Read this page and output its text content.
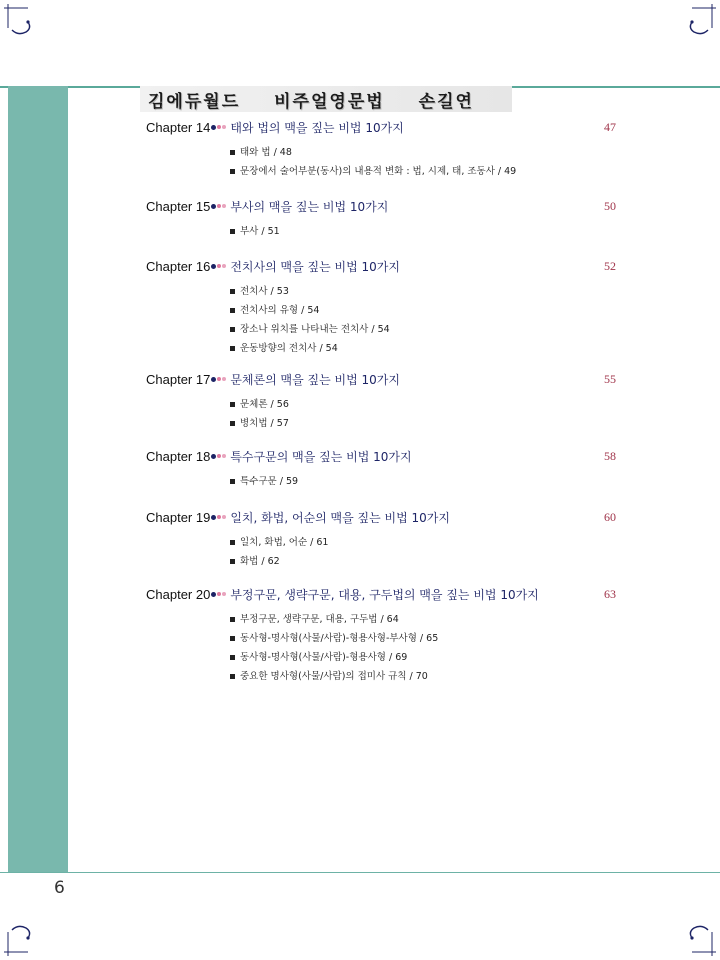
김에듀월드 비주얼영문법 손길연
Chapter 14 태와 법의 맥을 짚는 비법 10가지	47
태와 법 / 48
문장에서 술어부분(동사)의 내용적 변화 : 법, 시제, 태, 조동사 / 49
Chapter 15 부사의 맥을 짚는 비법 10가지	50
부사 / 51
Chapter 16 전치사의 맥을 짚는 비법 10가지	52
전치사 / 53
전치사의 유형 / 54
장소나 위치를 나타내는 전치사 / 54
운동방향의 전치사 / 54
Chapter 17 문체론의 맥을 짚는 비법 10가지	55
문체론 / 56
병치법 / 57
Chapter 18 특수구문의 맥을 짚는 비법 10가지	58
특수구문 / 59
Chapter 19 일치, 화법, 어순의 맥을 짚는 비법 10가지	60
일치, 화법, 어순 / 61
화법 / 62
Chapter 20 부정구문, 생략구문, 대용, 구두법의 맥을 짚는 비법 10가지	63
부정구문, 생략구문, 대용, 구두법 / 64
동사형-명사형(사물/사람)-형용사형-부사형 / 65
동사형-명사형(사물/사람)-형용사형 / 69
중요한 명사형(사물/사람)의 접미사 규칙 / 70
6
